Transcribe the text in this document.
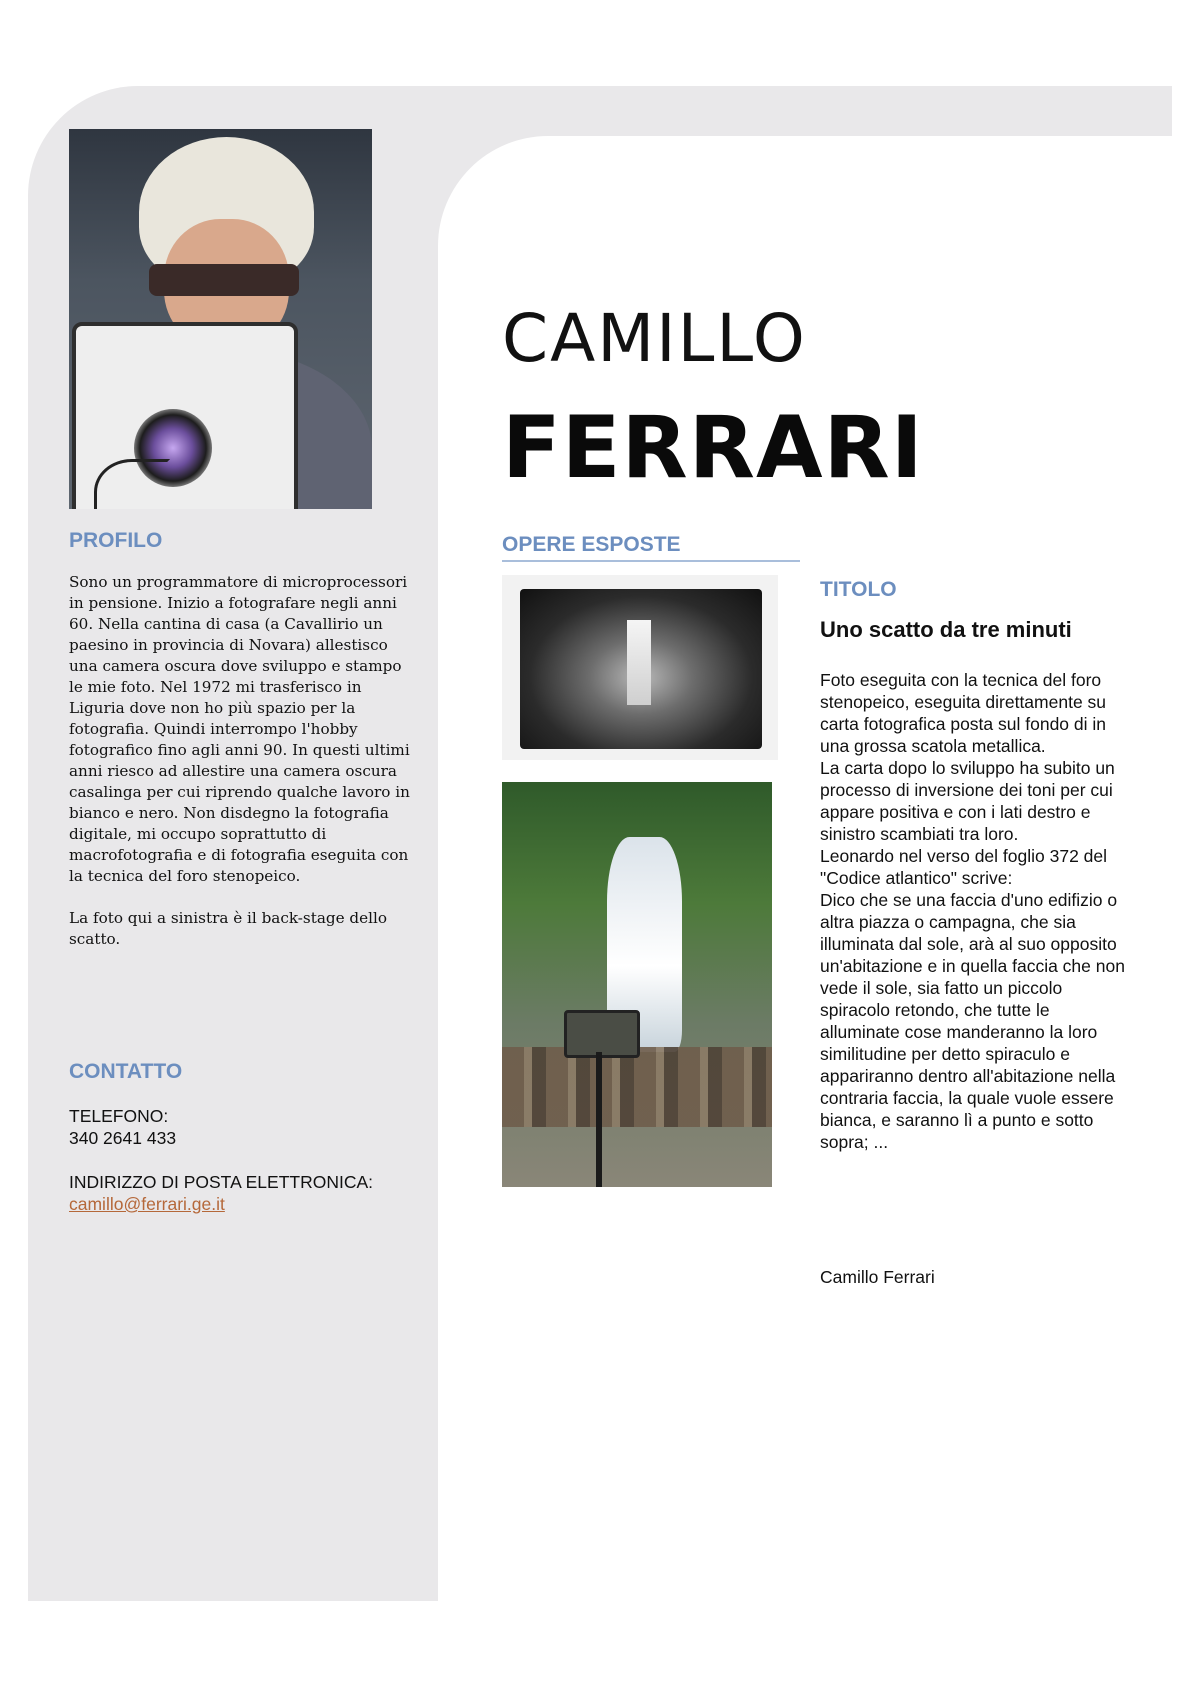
PROFILO

Sono un programmatore di microprocessori in pensione. Inizio a fotografare negli anni 60. Nella cantina di casa (a Cavallirio un paesino in provincia di Novara) allestisco una camera oscura dove sviluppo e stampo le mie foto. Nel 1972 mi trasferisco in Liguria dove non ho più spazio per la fotografia. Quindi interrompo l'hobby fotografico fino agli anni 90. In questi ultimi anni riesco ad allestire una camera oscura casalinga per cui riprendo qualche lavoro in bianco e nero. Non disdegno la fotografia digitale, mi occupo soprattutto di macrofotografia e di fotografia eseguita con la tecnica del foro stenopeico.

La foto qui a sinistra è il back-stage dello scatto.

CONTATTO
TELEFONO:
340 2641 433
INDIRIZZO DI POSTA ELETTRONICA:
camillo@ferrari.ge.it
CAMILLO
FERRARI
OPERE ESPOSTE
TITOLO
Uno scatto da tre minuti
Foto eseguita con la tecnica del foro stenopeico, eseguita direttamente su carta fotografica posta sul fondo di in una grossa scatola metallica.
La carta dopo lo sviluppo ha subito un processo di inversione dei toni per cui appare positiva e con i lati destro e sinistro scambiati tra loro.
Leonardo nel verso del foglio 372 del "Codice atlantico" scrive:
Dico che se una faccia d'uno edifizio o altra piazza o campagna, che sia illuminata dal sole, arà al suo opposito un'abitazione e in quella faccia che non vede il sole, sia fatto un piccolo spiracolo retondo, che tutte le alluminate cose manderanno la loro similitudine per detto spiraculo e appariranno dentro all'abitazione nella contraria faccia, la quale vuole essere bianca, e saranno lì a punto e sotto sopra; ...
Camillo Ferrari
